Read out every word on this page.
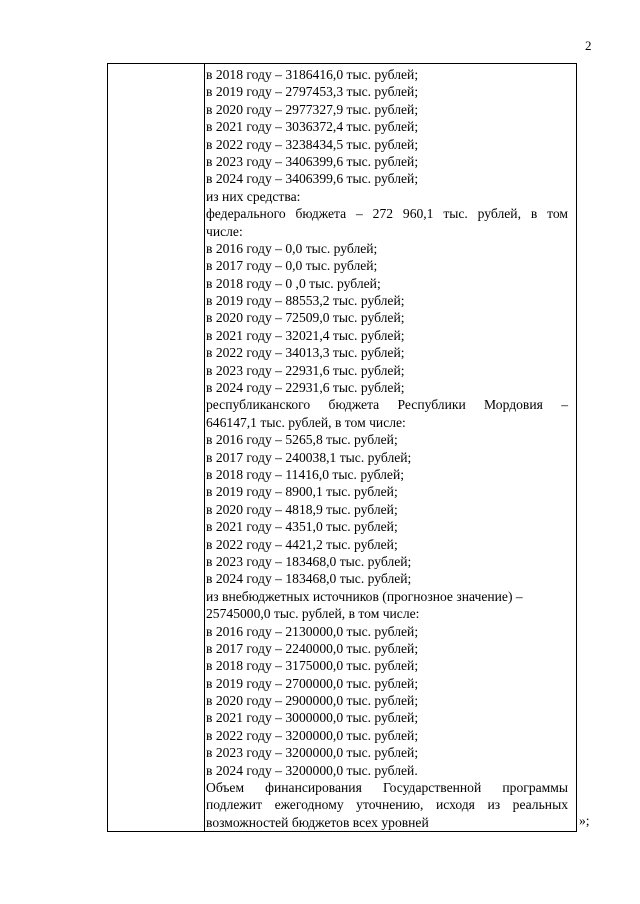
2
в 2018 году – 3186416,0 тыс. рублей;
в 2019 году – 2797453,3 тыс. рублей;
в 2020 году – 2977327,9 тыс. рублей;
в 2021 году – 3036372,4 тыс. рублей;
в 2022 году – 3238434,5 тыс. рублей;
в 2023 году – 3406399,6 тыс. рублей;
в 2024 году – 3406399,6 тыс. рублей;
из них средства:
федерального бюджета – 272 960,1 тыс. рублей, в том
числе:
в 2016 году – 0,0 тыс. рублей;
в 2017 году – 0,0 тыс. рублей;
в 2018 году – 0 ,0 тыс. рублей;
в 2019 году – 88553,2 тыс. рублей;
в 2020 году – 72509,0 тыс. рублей;
в 2021 году – 32021,4 тыс. рублей;
в 2022 году – 34013,3 тыс. рублей;
в 2023 году – 22931,6 тыс. рублей;
в 2024 году – 22931,6 тыс. рублей;
республиканского бюджета Республики Мордовия –
646147,1 тыс. рублей, в том числе:
в 2016 году – 5265,8 тыс. рублей;
в 2017 году – 240038,1 тыс. рублей;
в 2018 году – 11416,0 тыс. рублей;
в 2019 году – 8900,1 тыс. рублей;
в 2020 году – 4818,9 тыс. рублей;
в 2021 году – 4351,0 тыс. рублей;
в 2022 году – 4421,2 тыс. рублей;
в 2023 году – 183468,0 тыс. рублей;
в 2024 году – 183468,0 тыс. рублей;
из внебюджетных источников (прогнозное значение) –
25745000,0 тыс. рублей, в том числе:
в 2016 году – 2130000,0 тыс. рублей;
в 2017 году – 2240000,0 тыс. рублей;
в 2018 году – 3175000,0 тыс. рублей;
в 2019 году – 2700000,0 тыс. рублей;
в 2020 году – 2900000,0 тыс. рублей;
в 2021 году – 3000000,0 тыс. рублей;
в 2022 году – 3200000,0 тыс. рублей;
в 2023 году – 3200000,0 тыс. рублей;
в 2024 году – 3200000,0 тыс. рублей.
Объем финансирования Государственной программы
подлежит ежегодному уточнению, исходя из реальных
возможностей бюджетов всех уровней	»;
